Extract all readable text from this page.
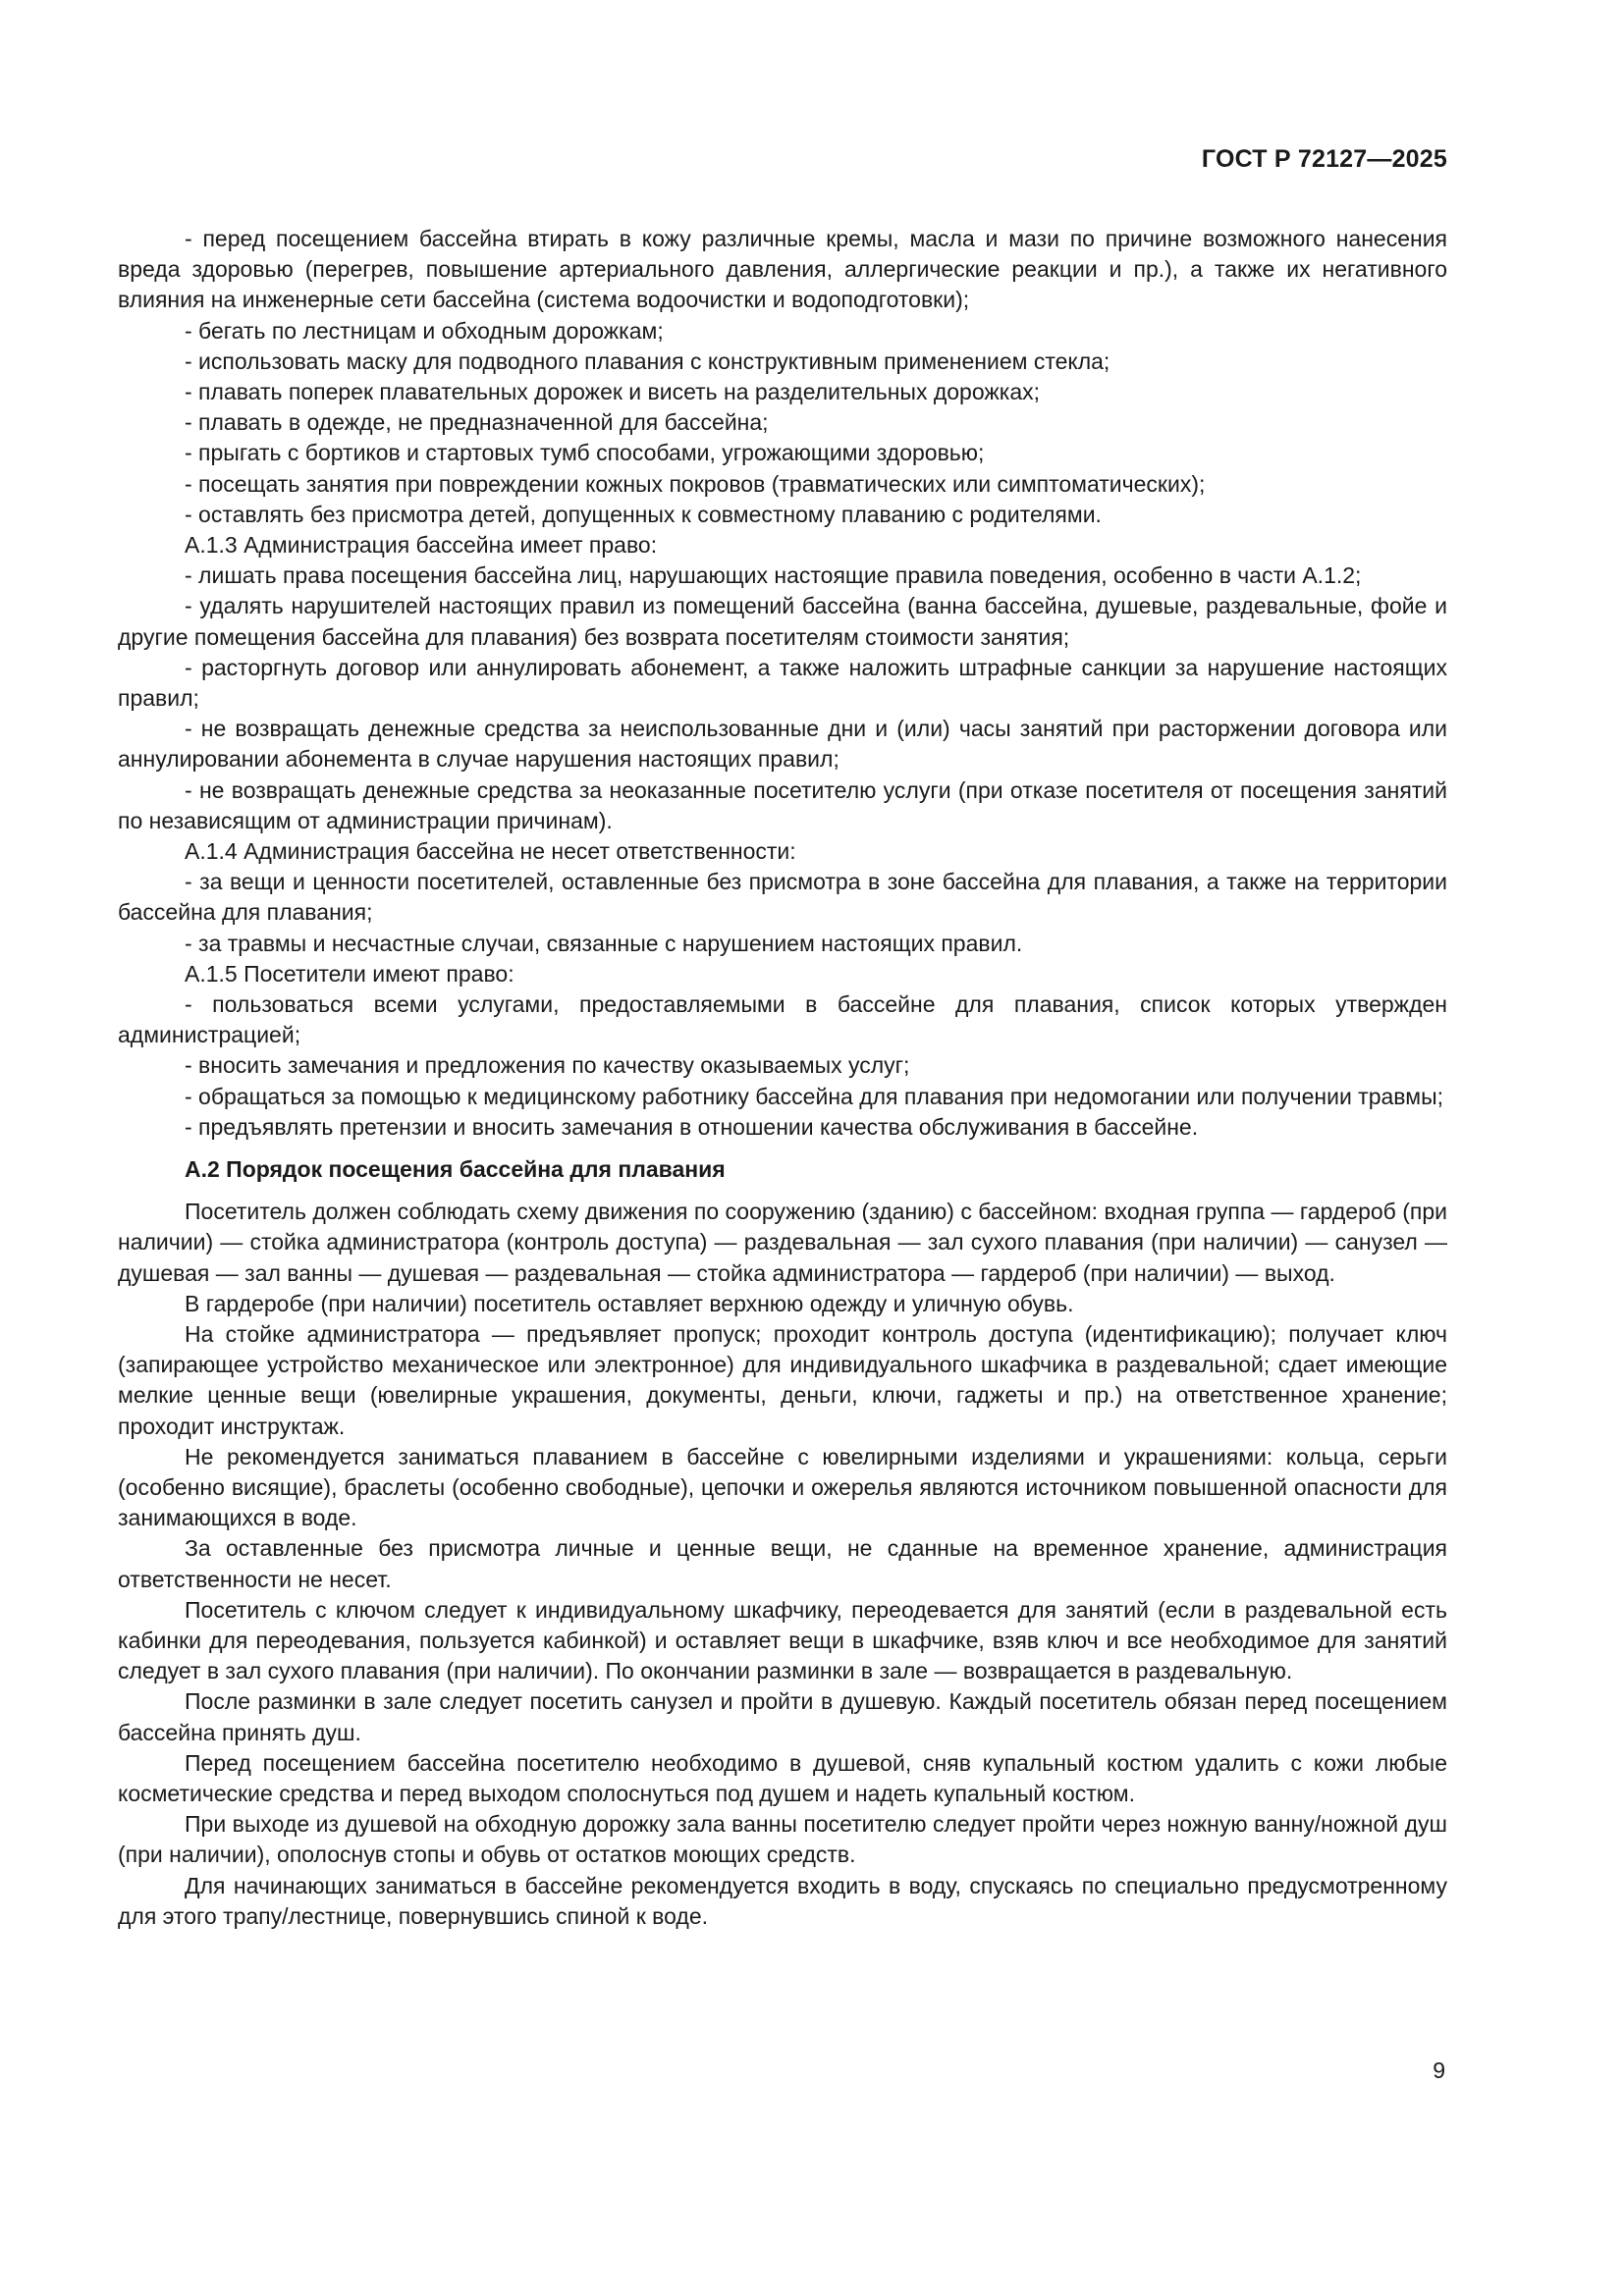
ГОСТ Р 72127—2025

- перед посещением бассейна втирать в кожу различные кремы, масла и мази по причине возможного нанесения вреда здоровью (перегрев, повышение артериального давления, аллергические реакции и пр.), а также их негативного влияния на инженерные сети бассейна (система водоочистки и водоподготовки);

- бегать по лестницам и обходным дорожкам;

- использовать маску для подводного плавания с конструктивным применением стекла;

- плавать поперек плавательных дорожек и висеть на разделительных дорожках;

- плавать в одежде, не предназначенной для бассейна;

- прыгать с бортиков и стартовых тумб способами, угрожающими здоровью;

- посещать занятия при повреждении кожных покровов (травматических или симптоматических);

- оставлять без присмотра детей, допущенных к совместному плаванию с родителями.

А.1.3 Администрация бассейна имеет право:

- лишать права посещения бассейна лиц, нарушающих настоящие правила поведения, особенно в части А.1.2;

- удалять нарушителей настоящих правил из помещений бассейна (ванна бассейна, душевые, раздевальные, фойе и другие помещения бассейна для плавания) без возврата посетителям стоимости занятия;

- расторгнуть договор или аннулировать абонемент, а также наложить штрафные санкции за нарушение настоящих правил;

- не возвращать денежные средства за неиспользованные дни и (или) часы занятий при расторжении договора или аннулировании абонемента в случае нарушения настоящих правил;

- не возвращать денежные средства за неоказанные посетителю услуги (при отказе посетителя от посещения занятий по независящим от администрации причинам).

А.1.4 Администрация бассейна не несет ответственности:

- за вещи и ценности посетителей, оставленные без присмотра в зоне бассейна для плавания, а также на территории бассейна для плавания;

- за травмы и несчастные случаи, связанные с нарушением настоящих правил.

А.1.5 Посетители имеют право:

- пользоваться всеми услугами, предоставляемыми в бассейне для плавания, список которых утвержден администрацией;

- вносить замечания и предложения по качеству оказываемых услуг;

- обращаться за помощью к медицинскому работнику бассейна для плавания при недомогании или получении травмы;

- предъявлять претензии и вносить замечания в отношении качества обслуживания в бассейне.

А.2 Порядок посещения бассейна для плавания

Посетитель должен соблюдать схему движения по сооружению (зданию) с бассейном: входная группа — гардероб (при наличии) — стойка администратора (контроль доступа) — раздевальная — зал сухого плавания (при наличии) — санузел — душевая — зал ванны — душевая — раздевальная — стойка администратора — гардероб (при наличии) — выход.

В гардеробе (при наличии) посетитель оставляет верхнюю одежду и уличную обувь.

На стойке администратора — предъявляет пропуск; проходит контроль доступа (идентификацию); получает ключ (запирающее устройство механическое или электронное) для индивидуального шкафчика в раздевальной; сдает имеющие мелкие ценные вещи (ювелирные украшения, документы, деньги, ключи, гаджеты и пр.) на ответственное хранение; проходит инструктаж.

Не рекомендуется заниматься плаванием в бассейне с ювелирными изделиями и украшениями: кольца, серьги (особенно висящие), браслеты (особенно свободные), цепочки и ожерелья являются источником повышенной опасности для занимающихся в воде.

За оставленные без присмотра личные и ценные вещи, не сданные на временное хранение, администрация ответственности не несет.

Посетитель с ключом следует к индивидуальному шкафчику, переодевается для занятий (если в раздевальной есть кабинки для переодевания, пользуется кабинкой) и оставляет вещи в шкафчике, взяв ключ и все необходимое для занятий следует в зал сухого плавания (при наличии). По окончании разминки в зале — возвращается в раздевальную.

После разминки в зале следует посетить санузел и пройти в душевую. Каждый посетитель обязан перед посещением бассейна принять душ.

Перед посещением бассейна посетителю необходимо в душевой, сняв купальный костюм удалить с кожи любые косметические средства и перед выходом сполоснуться под душем и надеть купальный костюм.

При выходе из душевой на обходную дорожку зала ванны посетителю следует пройти через ножную ванну/ножной душ (при наличии), ополоснув стопы и обувь от остатков моющих средств.

Для начинающих заниматься в бассейне рекомендуется входить в воду, спускаясь по специально предусмотренному для этого трапу/лестнице, повернувшись спиной к воде.

9
